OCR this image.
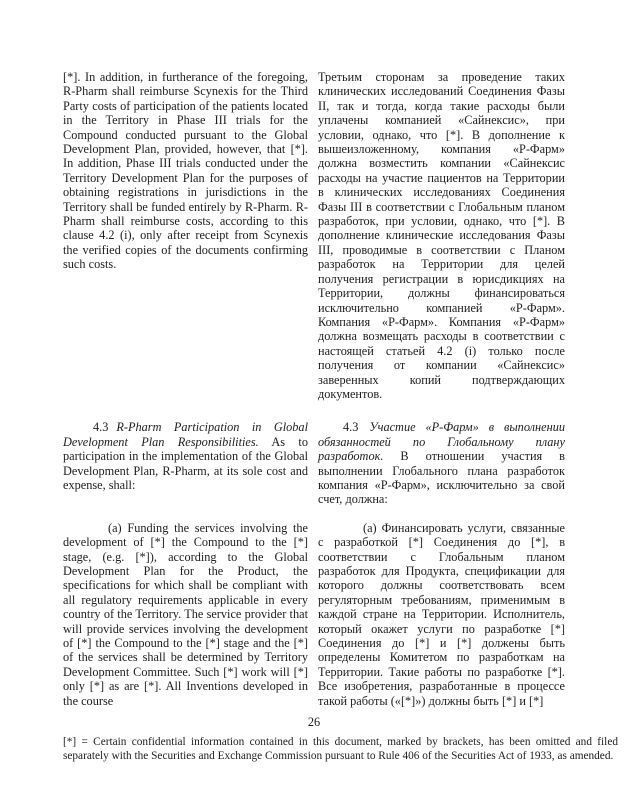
[*]. In addition, in furtherance of the foregoing, R-Pharm shall reimburse Scynexis for the Third Party costs of participation of the patients located in the Territory in Phase III trials for the Compound conducted pursuant to the Global Development Plan, provided, however, that [*]. In addition, Phase III trials conducted under the Territory Development Plan for the purposes of obtaining registrations in jurisdictions in the Territory shall be funded entirely by R-Pharm. R-Pharm shall reimburse costs, according to this clause 4.2 (i), only after receipt from Scynexis the verified copies of the documents confirming such costs.

Третьим сторонам за проведение таких клинических исследований Соединения Фазы II, так и тогда, когда такие расходы были уплачены компанией «Сайнексис», при условии, однако, что [*]. В дополнение к вышеизложенному, компания «Р-Фарм» должна возместить компании «Сайнексис расходы на участие пациентов на Территории в клинических исследованиях Соединения Фазы III в соответствии с Глобальным планом разработок, при условии, однако, что [*]. В дополнение клинические исследования Фазы III, проводимые в соответствии с Планом разработок на Территории для целей получения регистрации в юрисдикциях на Территории, должны финансироваться исключительно компанией «Р-Фарм». Компания «Р-Фарм». Компания «Р-Фарм» должна возмещать расходы в соответствии с настоящей статьей 4.2 (i) только после получения от компании «Сайнексис» заверенных копий подтверждающих документов.

4.3 R-Pharm Participation in Global Development Plan Responsibilities. As to participation in the implementation of the Global Development Plan, R-Pharm, at its sole cost and expense, shall:

4.3 Участие «Р-Фарм» в выполнении обязанностей по Глобальному плану разработок. В отношении участия в выполнении Глобального плана разработок компания «Р-Фарм», исключительно за свой счет, должна:

(a) Funding the services involving the development of [*] the Compound to the [*] stage, (e.g. [*]), according to the Global Development Plan for the Product, the specifications for which shall be compliant with all regulatory requirements applicable in every country of the Territory. The service provider that will provide services involving the development of [*] the Compound to the [*] stage and the [*] of the services shall be determined by Territory Development Committee. Such [*] work will [*] only [*] as are [*]. All Inventions developed in the course

(а) Финансировать услуги, связанные с разработкой [*] Соединения до [*], в соответствии с Глобальным планом разработок для Продукта, спецификации для которого должны соответствовать всем регуляторным требованиям, применимым в каждой стране на Территории. Исполнитель, который окажет услуги по разработке [*] Соединения до [*] и [*] должены быть определены Комитетом по разработкам на Территории. Такие работы по разработке [*]. Все изобретения, разработанные в процессе такой работы («[*]») должны быть [*] и [*]

26
[*] = Certain confidential information contained in this document, marked by brackets, has been omitted and filed separately with the Securities and Exchange Commission pursuant to Rule 406 of the Securities Act of 1933, as amended.
